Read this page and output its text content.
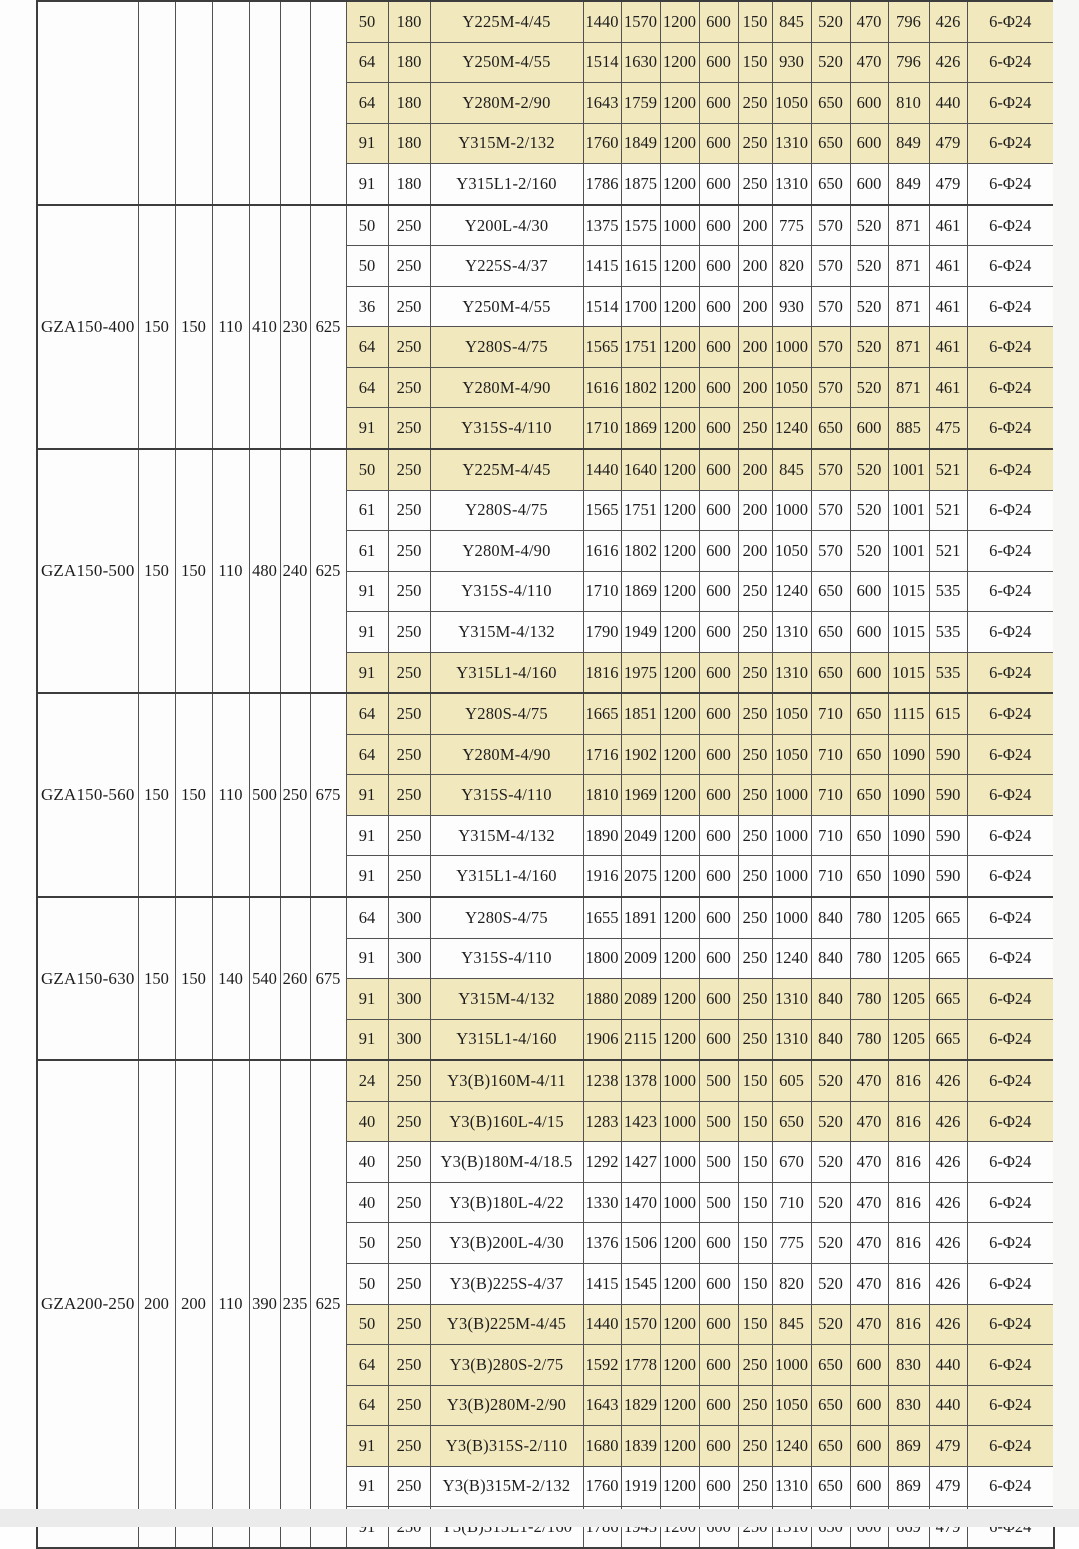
							50	180	Y225M-4/45	1440	1570	1200	600	150	845	520	470	796	426	6-Φ24
							64	180	Y250M-4/55	1514	1630	1200	600	150	930	520	470	796	426	6-Φ24
							64	180	Y280M-2/90	1643	1759	1200	600	250	1050	650	600	810	440	6-Φ24
							91	180	Y315M-2/132	1760	1849	1200	600	250	1310	650	600	849	479	6-Φ24
							91	180	Y315L1-2/160	1786	1875	1200	600	250	1310	650	600	849	479	6-Φ24
GZA150-400	150	150	110	410	230	625	50	250	Y200L-4/30	1375	1575	1000	600	200	775	570	520	871	461	6-Φ24
							50	250	Y225S-4/37	1415	1615	1200	600	200	820	570	520	871	461	6-Φ24
							36	250	Y250M-4/55	1514	1700	1200	600	200	930	570	520	871	461	6-Φ24
							64	250	Y280S-4/75	1565	1751	1200	600	200	1000	570	520	871	461	6-Φ24
							64	250	Y280M-4/90	1616	1802	1200	600	200	1050	570	520	871	461	6-Φ24
							91	250	Y315S-4/110	1710	1869	1200	600	250	1240	650	600	885	475	6-Φ24
GZA150-500	150	150	110	480	240	625	50	250	Y225M-4/45	1440	1640	1200	600	200	845	570	520	1001	521	6-Φ24
							61	250	Y280S-4/75	1565	1751	1200	600	200	1000	570	520	1001	521	6-Φ24
							61	250	Y280M-4/90	1616	1802	1200	600	200	1050	570	520	1001	521	6-Φ24
							91	250	Y315S-4/110	1710	1869	1200	600	250	1240	650	600	1015	535	6-Φ24
							91	250	Y315M-4/132	1790	1949	1200	600	250	1310	650	600	1015	535	6-Φ24
							91	250	Y315L1-4/160	1816	1975	1200	600	250	1310	650	600	1015	535	6-Φ24
GZA150-560	150	150	110	500	250	675	64	250	Y280S-4/75	1665	1851	1200	600	250	1050	710	650	1115	615	6-Φ24
							64	250	Y280M-4/90	1716	1902	1200	600	250	1050	710	650	1090	590	6-Φ24
							91	250	Y315S-4/110	1810	1969	1200	600	250	1000	710	650	1090	590	6-Φ24
							91	250	Y315M-4/132	1890	2049	1200	600	250	1000	710	650	1090	590	6-Φ24
							91	250	Y315L1-4/160	1916	2075	1200	600	250	1000	710	650	1090	590	6-Φ24
GZA150-630	150	150	140	540	260	675	64	300	Y280S-4/75	1655	1891	1200	600	250	1000	840	780	1205	665	6-Φ24
							91	300	Y315S-4/110	1800	2009	1200	600	250	1240	840	780	1205	665	6-Φ24
							91	300	Y315M-4/132	1880	2089	1200	600	250	1310	840	780	1205	665	6-Φ24
							91	300	Y315L1-4/160	1906	2115	1200	600	250	1310	840	780	1205	665	6-Φ24
GZA200-250	200	200	110	390	235	625	24	250	Y3(B)160M-4/11	1238	1378	1000	500	150	605	520	470	816	426	6-Φ24
							40	250	Y3(B)160L-4/15	1283	1423	1000	500	150	650	520	470	816	426	6-Φ24
							40	250	Y3(B)180M-4/18.5	1292	1427	1000	500	150	670	520	470	816	426	6-Φ24
							40	250	Y3(B)180L-4/22	1330	1470	1000	500	150	710	520	470	816	426	6-Φ24
							50	250	Y3(B)200L-4/30	1376	1506	1200	600	150	775	520	470	816	426	6-Φ24
							50	250	Y3(B)225S-4/37	1415	1545	1200	600	150	820	520	470	816	426	6-Φ24
							50	250	Y3(B)225M-4/45	1440	1570	1200	600	150	845	520	470	816	426	6-Φ24
							64	250	Y3(B)280S-2/75	1592	1778	1200	600	250	1000	650	600	830	440	6-Φ24
							64	250	Y3(B)280M-2/90	1643	1829	1200	600	250	1050	650	600	830	440	6-Φ24
							91	250	Y3(B)315S-2/110	1680	1839	1200	600	250	1240	650	600	869	479	6-Φ24
							91	250	Y3(B)315M-2/132	1760	1919	1200	600	250	1310	650	600	869	479	6-Φ24
